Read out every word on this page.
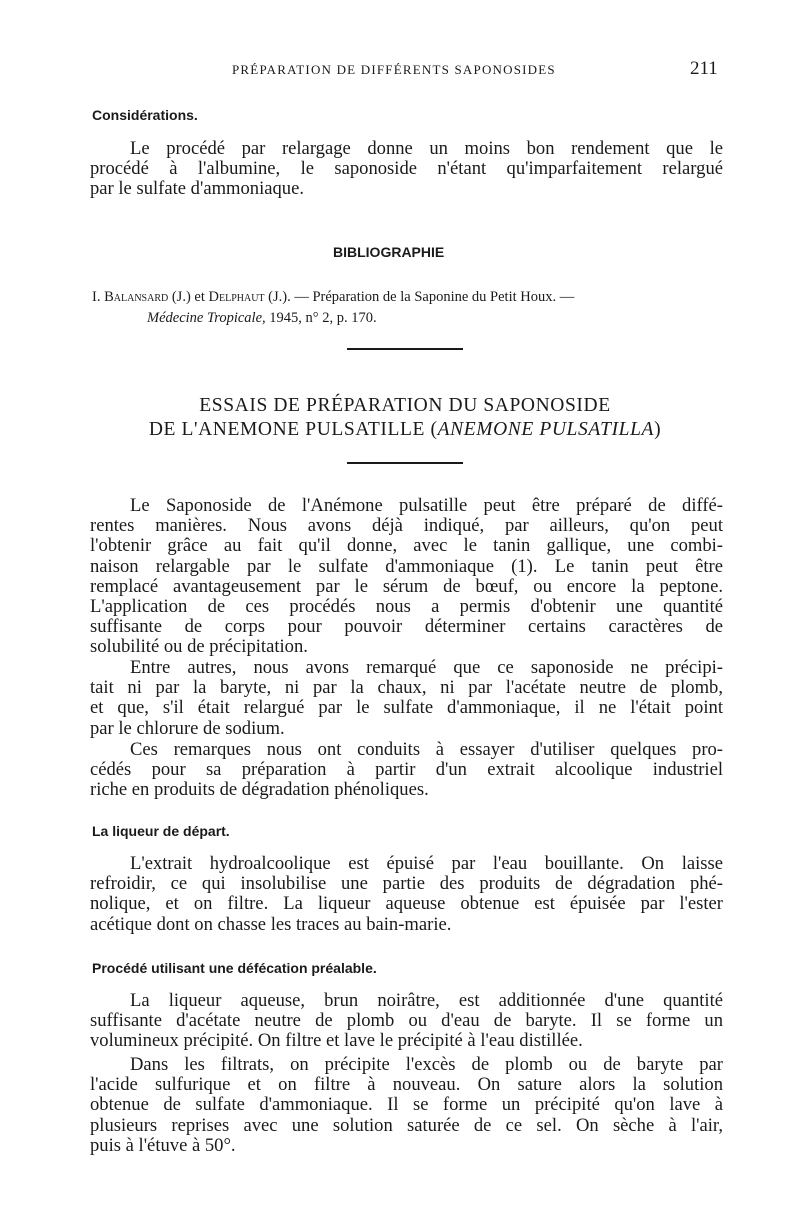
PRÉPARATION DE DIFFÉRENTS SAPONOSIDES	211
Considérations.
Le procédé par relargage donne un moins bon rendement que le
procédé à l'albumine, le saponoside n'étant qu'imparfaitement relargué
par le sulfate d'ammoniaque.
BIBLIOGRAPHIE
I. Balansard (J.) et Delphaut (J.). — Préparation de la Saponine du Petit Houx. —
Médecine Tropicale, 1945, n° 2, p. 170.
ESSAIS DE PRÉPARATION DU SAPONOSIDE
DE L'ANEMONE PULSATILLE (ANEMONE PULSATILLA)
Le Saponoside de l'Anémone pulsatille peut être préparé de diffé-
rentes manières. Nous avons déjà indiqué, par ailleurs, qu'on peut
l'obtenir grâce au fait qu'il donne, avec le tanin gallique, une combi-
naison relargable par le sulfate d'ammoniaque (1). Le tanin peut être
remplacé avantageusement par le sérum de bœuf, ou encore la peptone.
L'application de ces procédés nous a permis d'obtenir une quantité
suffisante de corps pour pouvoir déterminer certains caractères de
solubilité ou de précipitation.
Entre autres, nous avons remarqué que ce saponoside ne précipi-
tait ni par la baryte, ni par la chaux, ni par l'acétate neutre de plomb,
et que, s'il était relargué par le sulfate d'ammoniaque, il ne l'était point
par le chlorure de sodium.
Ces remarques nous ont conduits à essayer d'utiliser quelques pro-
cédés pour sa préparation à partir d'un extrait alcoolique industriel
riche en produits de dégradation phénoliques.
La liqueur de départ.
L'extrait hydroalcoolique est épuisé par l'eau bouillante. On laisse
refroidir, ce qui insolubilise une partie des produits de dégradation phé-
nolique, et on filtre. La liqueur aqueuse obtenue est épuisée par l'ester
acétique dont on chasse les traces au bain-marie.
Procédé utilisant une défécation préalable.
La liqueur aqueuse, brun noirâtre, est additionnée d'une quantité
suffisante d'acétate neutre de plomb ou d'eau de baryte. Il se forme un
volumineux précipité. On filtre et lave le précipité à l'eau distillée.
Dans les filtrats, on précipite l'excès de plomb ou de baryte par
l'acide sulfurique et on filtre à nouveau. On sature alors la solution
obtenue de sulfate d'ammoniaque. Il se forme un précipité qu'on lave à
plusieurs reprises avec une solution saturée de ce sel. On sèche à l'air,
puis à l'étuve à 50°.
